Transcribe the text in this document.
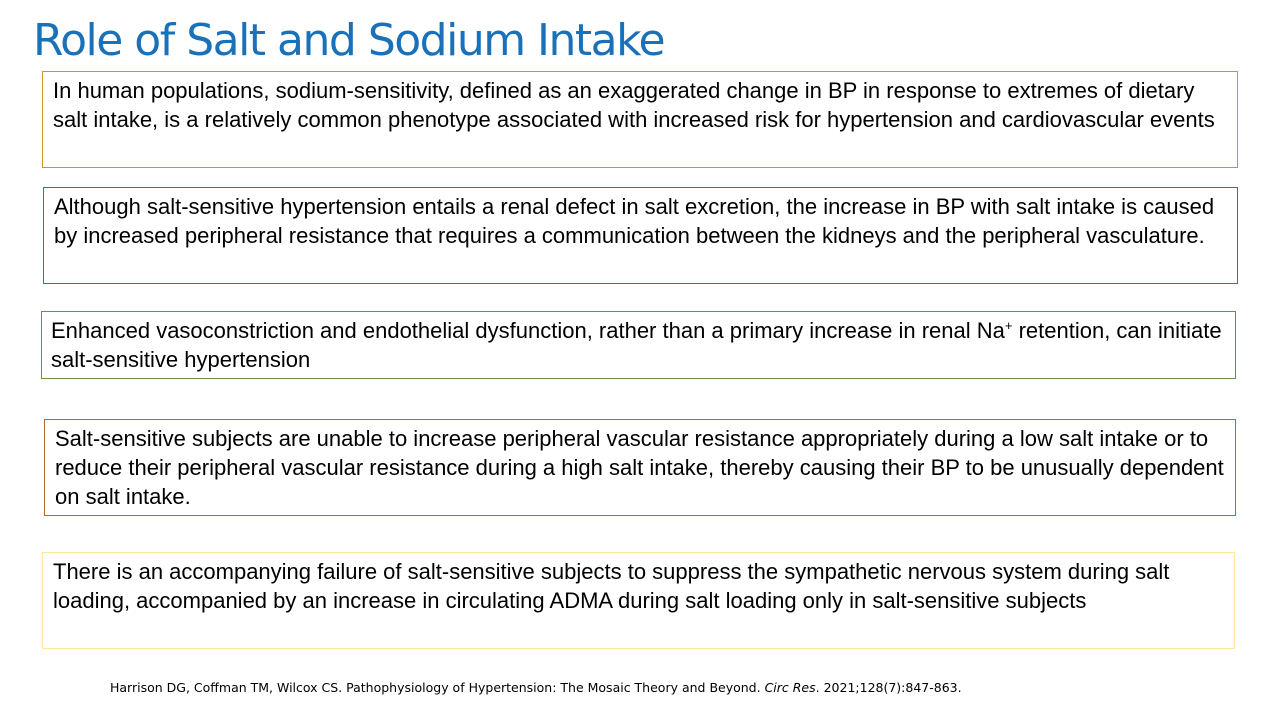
Role of Salt and Sodium Intake
In human populations, sodium-sensitivity, defined as an exaggerated change in BP in response to extremes of dietary salt intake, is a relatively common phenotype associated with increased risk for hypertension and cardiovascular events
Although salt-sensitive hypertension entails a renal defect in salt excretion, the increase in BP with salt intake is caused by increased peripheral resistance that requires a communication between the kidneys and the peripheral vasculature.
Enhanced vasoconstriction and endothelial dysfunction, rather than a primary increase in renal Na+ retention, can initiate salt-sensitive hypertension
Salt-sensitive subjects are unable to increase peripheral vascular resistance appropriately during a low salt intake or to reduce their peripheral vascular resistance during a high salt intake, thereby causing their BP to be unusually dependent on salt intake.
There is an accompanying failure of salt-sensitive subjects to suppress the sympathetic nervous system during salt loading, accompanied by an increase in circulating ADMA during salt loading only in salt-sensitive subjects
Harrison DG, Coffman TM, Wilcox CS. Pathophysiology of Hypertension: The Mosaic Theory and Beyond. Circ Res. 2021;128(7):847-863.
